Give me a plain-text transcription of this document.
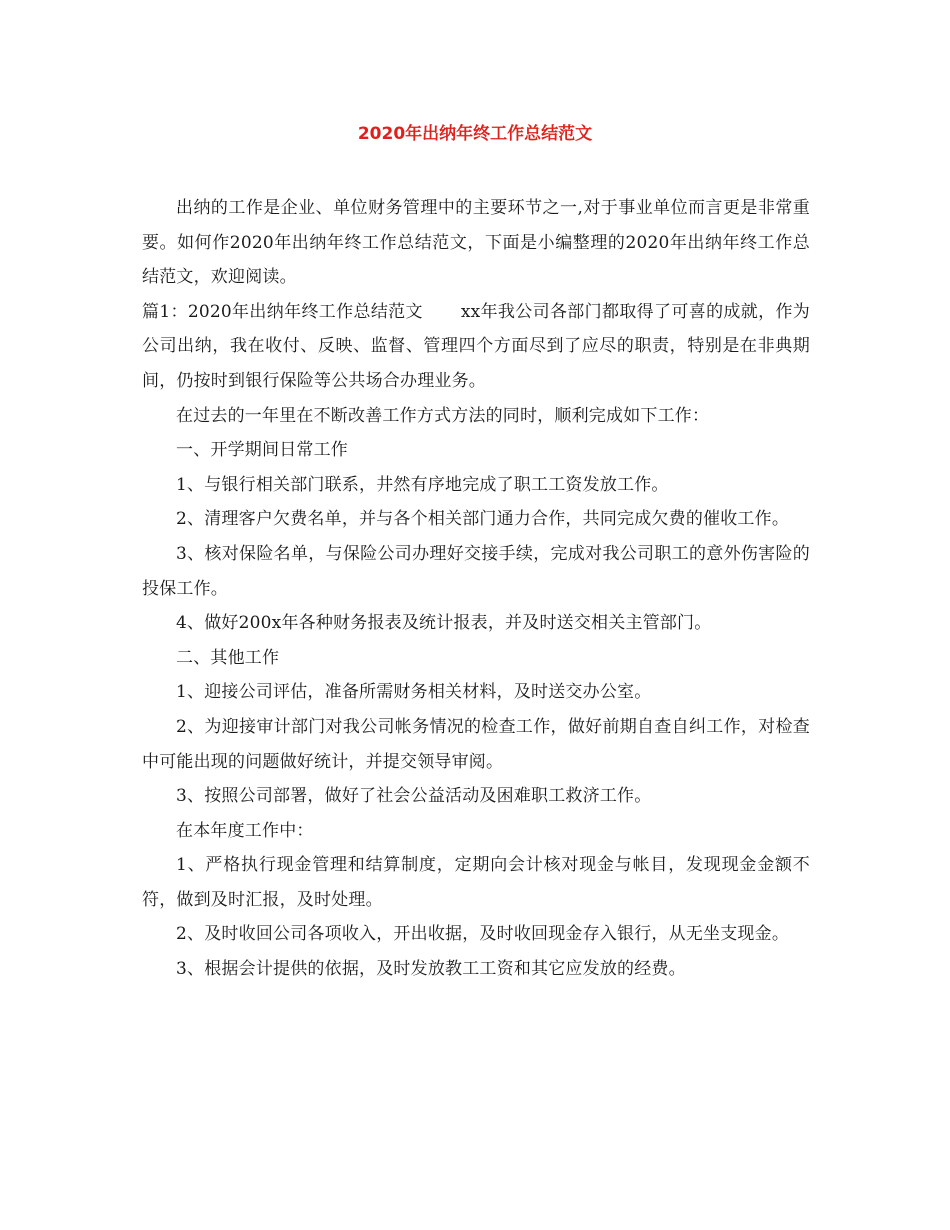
2020年出纳年终工作总结范文

出纳的工作是企业、单位财务管理中的主要环节之一,对于事业单位而言更是非常重要。如何作2020年出纳年终工作总结范文，下面是小编整理的2020年出纳年终工作总结范文，欢迎阅读。

篇1：2020年出纳年终工作总结范文 xx年我公司各部门都取得了可喜的成就，作为公司出纳，我在收付、反映、监督、管理四个方面尽到了应尽的职责，特别是在非典期间，仍按时到银行保险等公共场合办理业务。

在过去的一年里在不断改善工作方式方法的同时，顺利完成如下工作：

一、开学期间日常工作

1、与银行相关部门联系，井然有序地完成了职工工资发放工作。

2、清理客户欠费名单，并与各个相关部门通力合作，共同完成欠费的催收工作。

3、核对保险名单，与保险公司办理好交接手续，完成对我公司职工的意外伤害险的投保工作。

4、做好200x年各种财务报表及统计报表，并及时送交相关主管部门。

二、其他工作

1、迎接公司评估，准备所需财务相关材料，及时送交办公室。

2、为迎接审计部门对我公司帐务情况的检查工作，做好前期自查自纠工作，对检查中可能出现的问题做好统计，并提交领导审阅。

3、按照公司部署，做好了社会公益活动及困难职工救济工作。

在本年度工作中：

1、严格执行现金管理和结算制度，定期向会计核对现金与帐目，发现现金金额不符，做到及时汇报，及时处理。

2、及时收回公司各项收入，开出收据，及时收回现金存入银行，从无坐支现金。

3、根据会计提供的依据，及时发放教工工资和其它应发放的经费。
